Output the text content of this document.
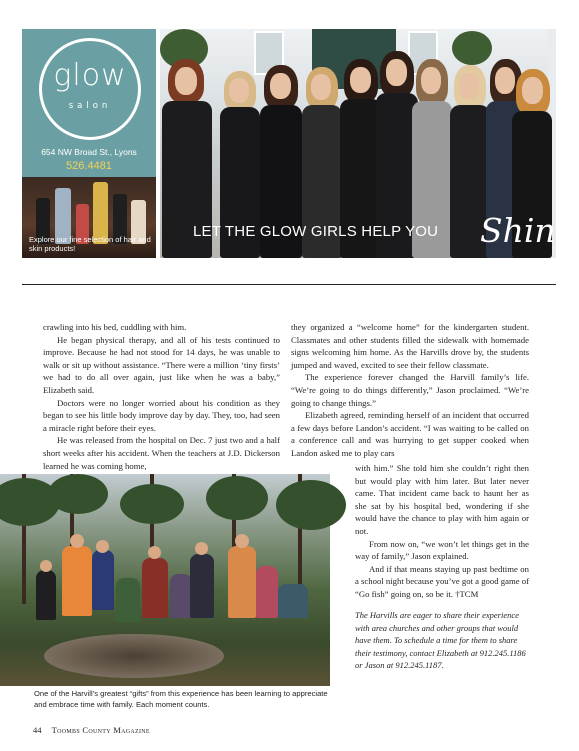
glow
salon
654 NW Broad St., Lyons
526.4481
Explore our fine selection of hair and skin products!
LET THE GLOW GIRLS HELP YOU Shine

crawling into his bed, cuddling with him.

He began physical therapy, and all of his tests continued to improve. Because he had not stood for 14 days, he was unable to walk or sit up without assistance. “There were a million ‘tiny firsts’ we had to do all over again, just like when he was a baby,” Elizabeth said.

Doctors were no longer worried about his condition as they began to see his little body improve day by day. They, too, had seen a miracle right before their eyes.

He was released from the hospital on Dec. 7 just two and a half short weeks after his accident. When the teachers at J.D. Dickerson learned he was coming home,

they organized a “welcome home” for the kindergarten student. Classmates and other students filled the sidewalk with homemade signs welcoming him home. As the Harvills drove by, the students jumped and waved, excited to see their fellow classmate.

The experience forever changed the Harvill family’s life. “We’re going to do things differently,” Jason proclaimed. “We’re going to change things.”

Elizabeth agreed, reminding herself of an incident that occurred a few days before Landon’s accident. “I was waiting to be called on a conference call and was hurrying to get supper cooked when Landon asked me to play cars

with him.” She told him she couldn’t right then but would play with him later. But later never came. That incident came back to haunt her as she sat by his hospital bed, wondering if she would have the chance to play with him again or not.

From now on, “we won’t let things get in the way of family,” Jason explained.

And if that means staying up past bedtime on a school night because you’ve got a good game of “Go fish” going on, so be it. †TCM

The Harvills are eager to share their experience with area churches and other groups that would have them. To schedule a time for them to share their testimony, contact Elizabeth at 912.245.1186 or Jason at 912.245.1187.
One of the Harvill’s greatest “gifts” from this experience has been learning to appreciate and embrace time with family. Each moment counts.
44 Toombs County Magazine
